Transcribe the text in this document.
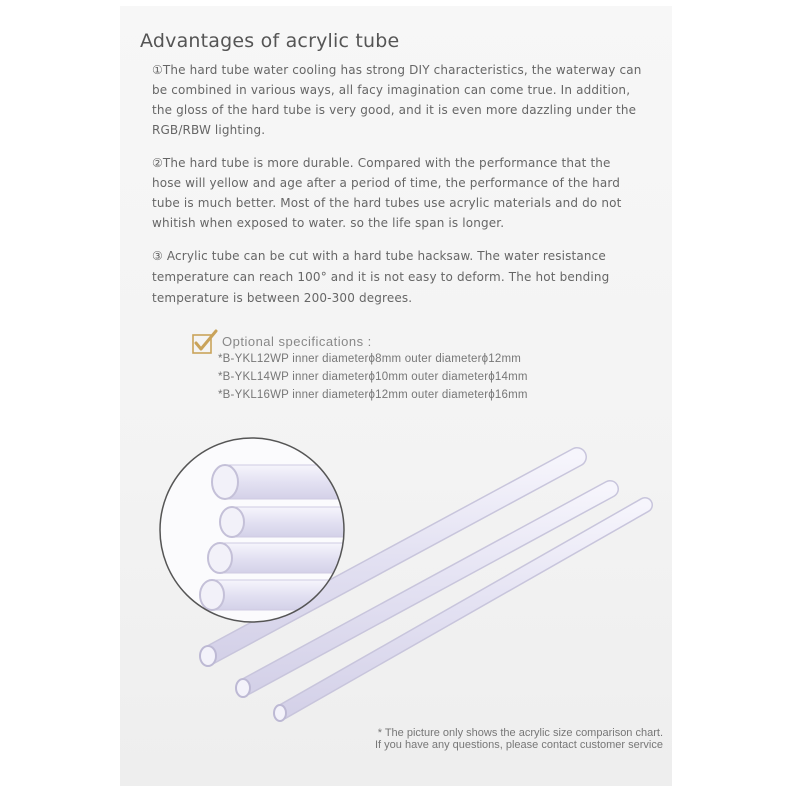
Advantages of acrylic tube
①The hard tube water cooling has strong DIY characteristics, the waterway can be combined in various ways, all facy imagination can come true. In addition, the gloss of the hard tube is very good, and it is even more dazzling under the RGB/RBW lighting.
②The hard tube is more durable. Compared with the performance that the hose will yellow and age after a period of time, the performance of the hard tube is much better. Most of the hard tubes use acrylic materials and do not whitish when exposed to water. so the life span is longer.
③ Acrylic tube can be cut with a hard tube hacksaw. The water resistance temperature can reach 100° and it is not easy to deform. The hot bending temperature is between 200-300 degrees.
Optional specifications :
*B-YKL12WP inner diameterϕ8mm outer diameterϕ12mm
*B-YKL14WP inner diameterϕ10mm outer diameterϕ14mm
*B-YKL16WP inner diameterϕ12mm outer diameterϕ16mm
* The picture only shows the acrylic size comparison chart.
If you have any questions, please contact customer service
